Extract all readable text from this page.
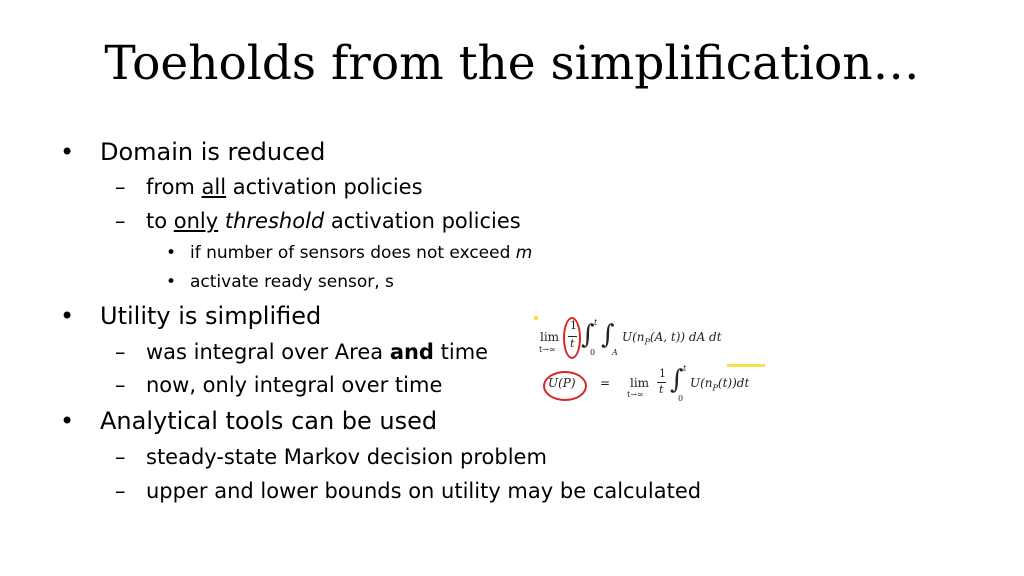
Toeholds from the simplification…
• Domain is reduced
– from all activation policies
– to only threshold activation policies
• if number of sensors does not exceed m
• activate ready sensor, s
• Utility is simplified
– was integral over Area and time
– now, only integral over time
• Analytical tools can be used
– steady-state Markov decision problem
– upper and lower bounds on utility may be calculated
lim
t→∞
1
t ∫ t
0
∫
A
$U(n_P(A$, t)) dA dt
U(P) = lim
t→∞
1
t ∫ t
0
$U(n_P(t))dt$
